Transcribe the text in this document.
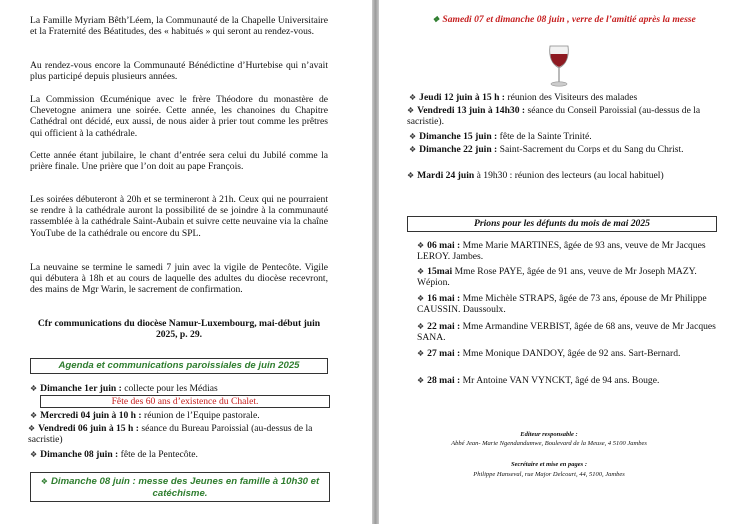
La Famille Myriam Bêth’Léem, la Communauté de la Chapelle Universitaire et la Fraternité des Béatitudes, des « habitués » qui seront au rendez-vous.

Au rendez-vous encore la Communauté Bénédictine d’Hurtebise qui n’avait plus participé depuis plusieurs années.

La Commission Œcuménique avec le frère Théodore du monastère de Chevetogne animera une soirée. Cette année, les chanoines du Chapitre Cathédral ont décidé, eux aussi, de nous aider à prier tout comme les prêtres qui officient à la cathédrale.

Cette année étant jubilaire, le chant d’entrée sera celui du Jubilé comme la prière finale. Une prière que l’on doit au pape François.

Les soirées débuteront à 20h et se termineront à 21h. Ceux qui ne pourraient se rendre à la cathédrale auront la possibilité de se joindre à la communauté rassemblée à la cathédrale Saint-Aubain et suivre cette neuvaine via la chaîne YouTube de la cathédrale ou encore du SPL.

La neuvaine se termine le samedi 7 juin avec la vigile de Pentecôte. Vigile qui débutera à 18h et au cours de laquelle des adultes du diocèse recevront, des mains de Mgr Warin, le sacrement de confirmation.

Cfr communications du diocèse Namur-Luxembourg, mai-début juin 2025, p. 29.

Agenda et communications paroissiales de juin 2025
❖ Dimanche 1er juin : collecte pour les Médias
Fête des 60 ans d’existence du Chalet.
❖ Mercredi 04 juin à 10 h : réunion de l’Equipe pastorale.
❖ Vendredi 06 juin à 15 h : séance du Bureau Paroissial (au-dessus de la sacristie)
❖ Dimanche 08 juin : fête de la Pentecôte.
❖ Dimanche 08 juin : messe des Jeunes en famille à 10h30 et catéchisme.
❖ Samedi 07 et dimanche 08 juin , verre de l’amitié après la messe
❖ Jeudi 12 juin à 15 h : réunion des Visiteurs des malades
❖ Vendredi 13 juin à 14h30 : séance du Conseil Paroissial (au-dessus de la sacristie).
❖ Dimanche 15 juin : fête de la Sainte Trinité.
❖ Dimanche 22 juin : Saint-Sacrement du Corps et du Sang du Christ.
❖ Mardi 24 juin à 19h30 : réunion des lecteurs (au local habituel)
Prions pour les défunts du mois de mai 2025
❖ 06 mai : Mme Marie MARTINES, âgée de 93 ans, veuve de Mr Jacques LEROY. Jambes.
❖ 15mai Mme Rose PAYE, âgée de 91 ans, veuve de Mr Joseph MAZY. Wépion.
❖ 16 mai : Mme Michèle STRAPS, âgée de 73 ans, épouse de Mr Philippe CAUSSIN. Daussoulx.
❖ 22 mai : Mme Armandine VERBIST, âgée de 68 ans, veuve de Mr Jacques SANA.
❖ 27 mai : Mme Monique DANDOY, âgée de 92 ans. Sart-Bernard.
❖ 28 mai : Mr Antoine VAN VYNCKT, âgé de 94 ans. Bouge.
Editeur responsable :
Abbé Jean- Marie Ngendandumwe, Boulevard de la Meuse, 4 5100 Jambes
Secrétaire et mise en pages :
Philippe Hanseval, rue Major Delcourt, 44, 5100, Jambes
